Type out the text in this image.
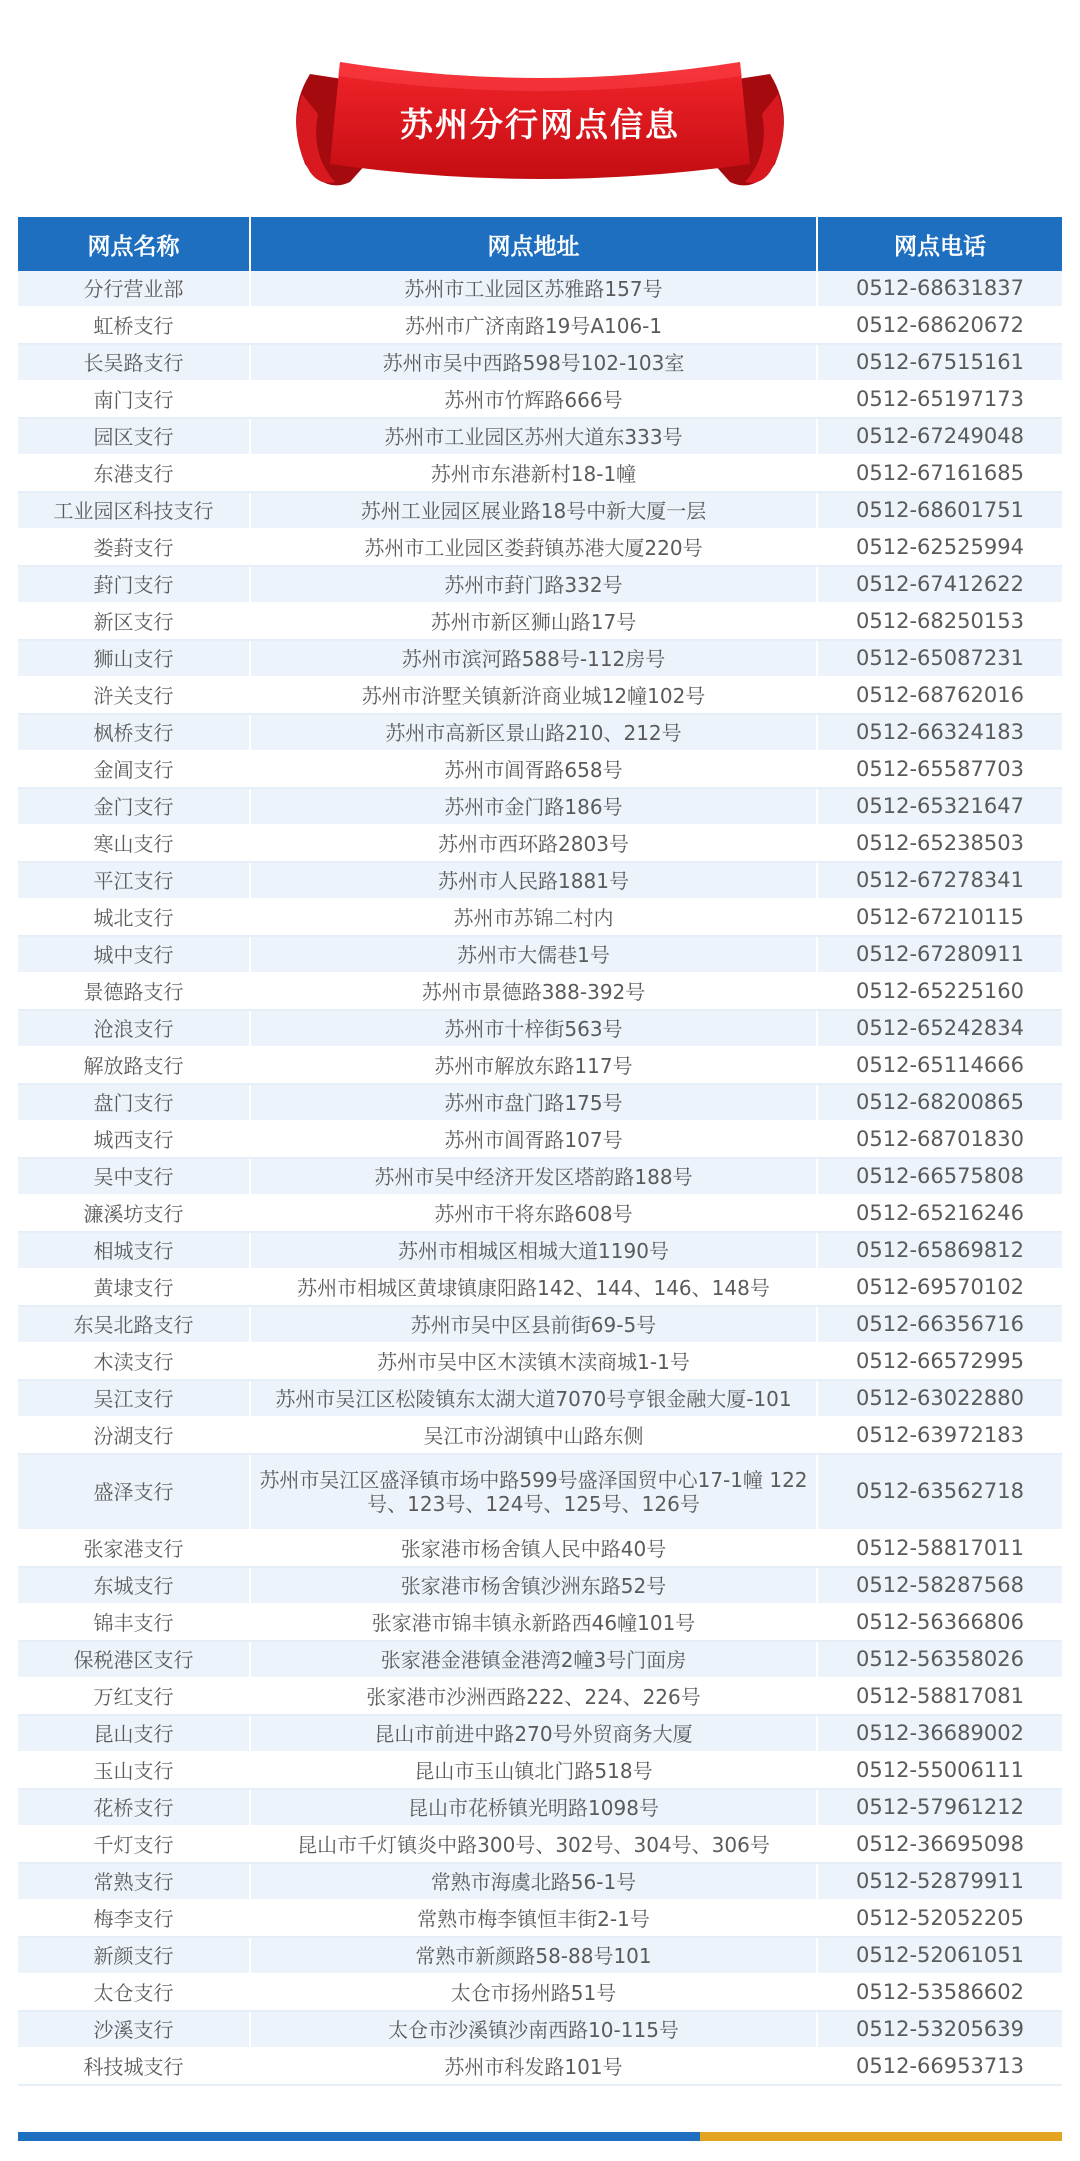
苏州分行网点信息
网点名称	网点地址	网点电话
分行营业部	苏州市工业园区苏雅路157号	0512-68631837
虹桥支行	苏州市广济南路19号A106-1	0512-68620672
长吴路支行	苏州市吴中西路598号102-103室	0512-67515161
南门支行	苏州市竹辉路666号	0512-65197173
园区支行	苏州市工业园区苏州大道东333号	0512-67249048
东港支行	苏州市东港新村18-1幢	0512-67161685
工业园区科技支行	苏州工业园区展业路18号中新大厦一层	0512-68601751
娄葑支行	苏州市工业园区娄葑镇苏港大厦220号	0512-62525994
葑门支行	苏州市葑门路332号	0512-67412622
新区支行	苏州市新区狮山路17号	0512-68250153
狮山支行	苏州市滨河路588号-112房号	0512-65087231
浒关支行	苏州市浒墅关镇新浒商业城12幢102号	0512-68762016
枫桥支行	苏州市高新区景山路210、212号	0512-66324183
金阊支行	苏州市阊胥路658号	0512-65587703
金门支行	苏州市金门路186号	0512-65321647
寒山支行	苏州市西环路2803号	0512-65238503
平江支行	苏州市人民路1881号	0512-67278341
城北支行	苏州市苏锦二村内	0512-67210115
城中支行	苏州市大儒巷1号	0512-67280911
景德路支行	苏州市景德路388-392号	0512-65225160
沧浪支行	苏州市十梓街563号	0512-65242834
解放路支行	苏州市解放东路117号	0512-65114666
盘门支行	苏州市盘门路175号	0512-68200865
城西支行	苏州市阊胥路107号	0512-68701830
吴中支行	苏州市吴中经济开发区塔韵路188号	0512-66575808
濂溪坊支行	苏州市干将东路608号	0512-65216246
相城支行	苏州市相城区相城大道1190号	0512-65869812
黄埭支行	苏州市相城区黄埭镇康阳路142、144、146、148号	0512-69570102
东吴北路支行	苏州市吴中区县前街69-5号	0512-66356716
木渎支行	苏州市吴中区木渎镇木渎商城1-1号	0512-66572995
吴江支行	苏州市吴江区松陵镇东太湖大道7070号亨银金融大厦-101	0512-63022880
汾湖支行	吴江市汾湖镇中山路东侧	0512-63972183
盛泽支行	苏州市吴江区盛泽镇市场中路599号盛泽国贸中心17-1幢 122号、123号、124号、125号、126号	0512-63562718
张家港支行	张家港市杨舍镇人民中路40号	0512-58817011
东城支行	张家港市杨舍镇沙洲东路52号	0512-58287568
锦丰支行	张家港市锦丰镇永新路西46幢101号	0512-56366806
保税港区支行	张家港金港镇金港湾2幢3号门面房	0512-56358026
万红支行	张家港市沙洲西路222、224、226号	0512-58817081
昆山支行	昆山市前进中路270号外贸商务大厦	0512-36689002
玉山支行	昆山市玉山镇北门路518号	0512-55006111
花桥支行	昆山市花桥镇光明路1098号	0512-57961212
千灯支行	昆山市千灯镇炎中路300号、302号、304号、306号	0512-36695098
常熟支行	常熟市海虞北路56-1号	0512-52879911
梅李支行	常熟市梅李镇恒丰街2-1号	0512-52052205
新颜支行	常熟市新颜路58-88号101	0512-52061051
太仓支行	太仓市扬州路51号	0512-53586602
沙溪支行	太仓市沙溪镇沙南西路10-115号	0512-53205639
科技城支行	苏州市科发路101号	0512-66953713
